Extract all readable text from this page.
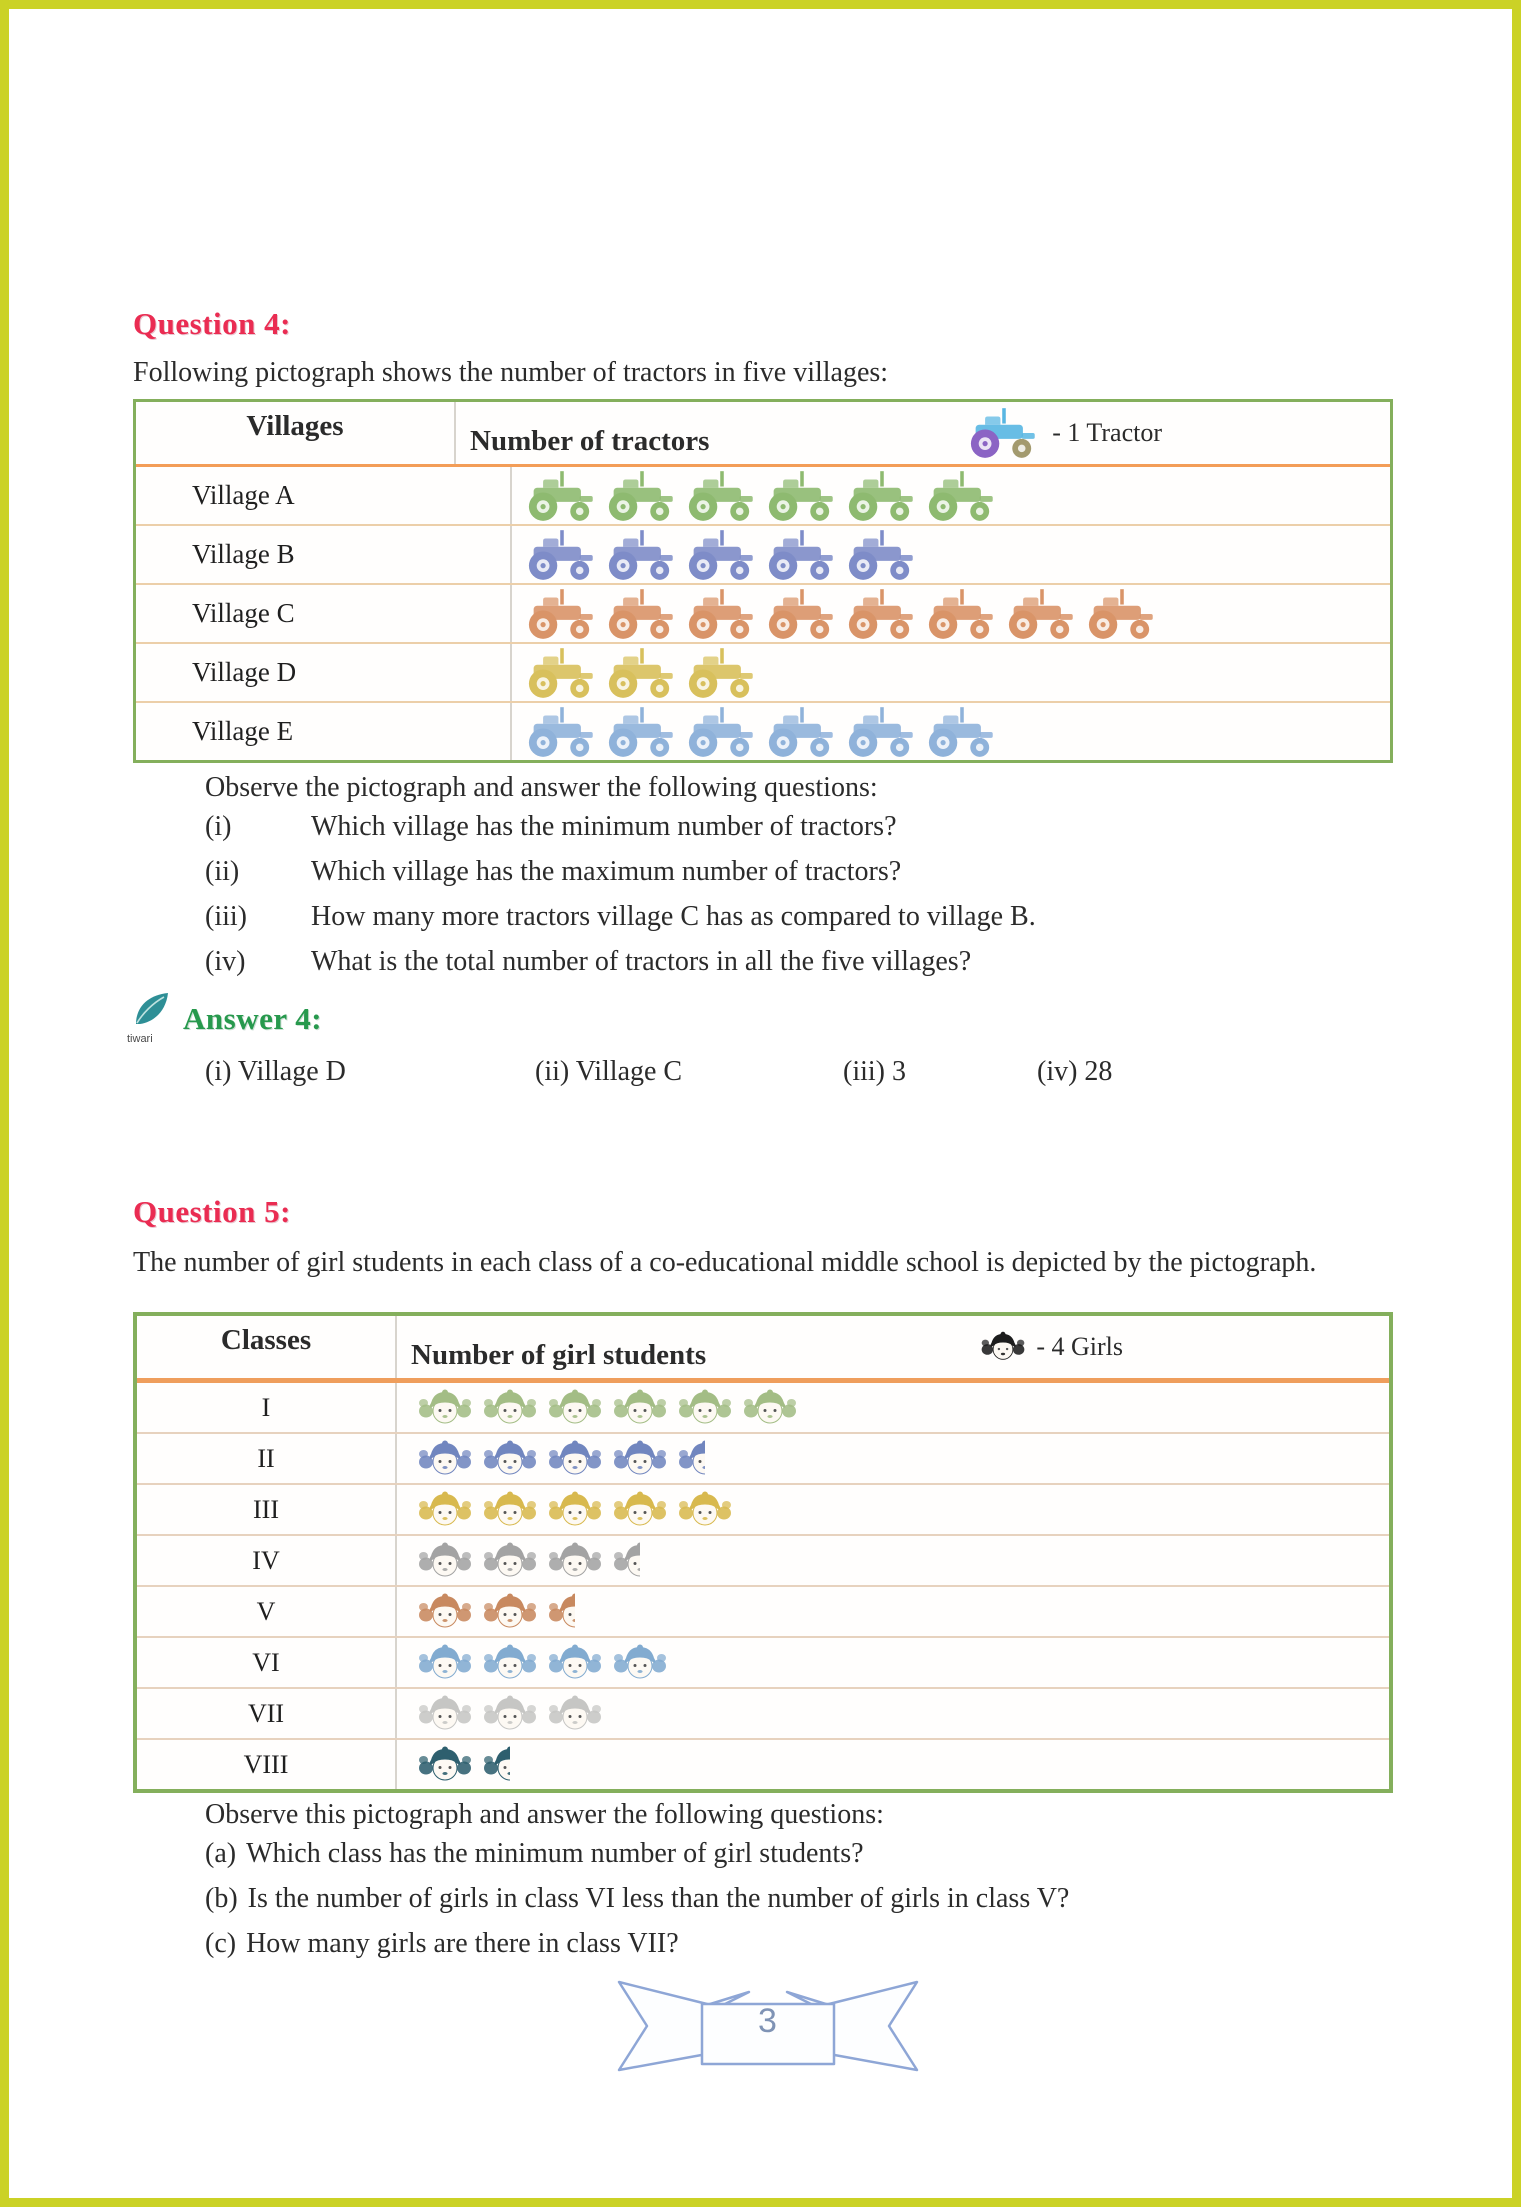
Question 4:

Following pictograph shows the number of tractors in five villages:

Villages	Number of tractors	- 1 Tractor
Village A
Village B
Village C
Village D
Village E

Observe the pictograph and answer the following questions:

(i)	Which village has the minimum number of tractors?
(ii)	Which village has the maximum number of tractors?
(iii) How many more tractors village C has as compared to village B.
(iv) What is the total number of tractors in all the five villages?
tiwari
Answer 4:
(i) Village D	(ii) Village C	(iii) 3	(iv) 28
Question 5:

The number of girl students in each class of a co-educational middle school is depicted by the pictograph.

Classes	Number of girl students	- 4 Girls
I
II
III
IV
V
VI
VII
VIII

Observe this pictograph and answer the following questions:

(a) Which class has the minimum number of girl students?
(b) Is the number of girls in class VI less than the number of girls in class V?
(c) How many girls are there in class VII?
3
